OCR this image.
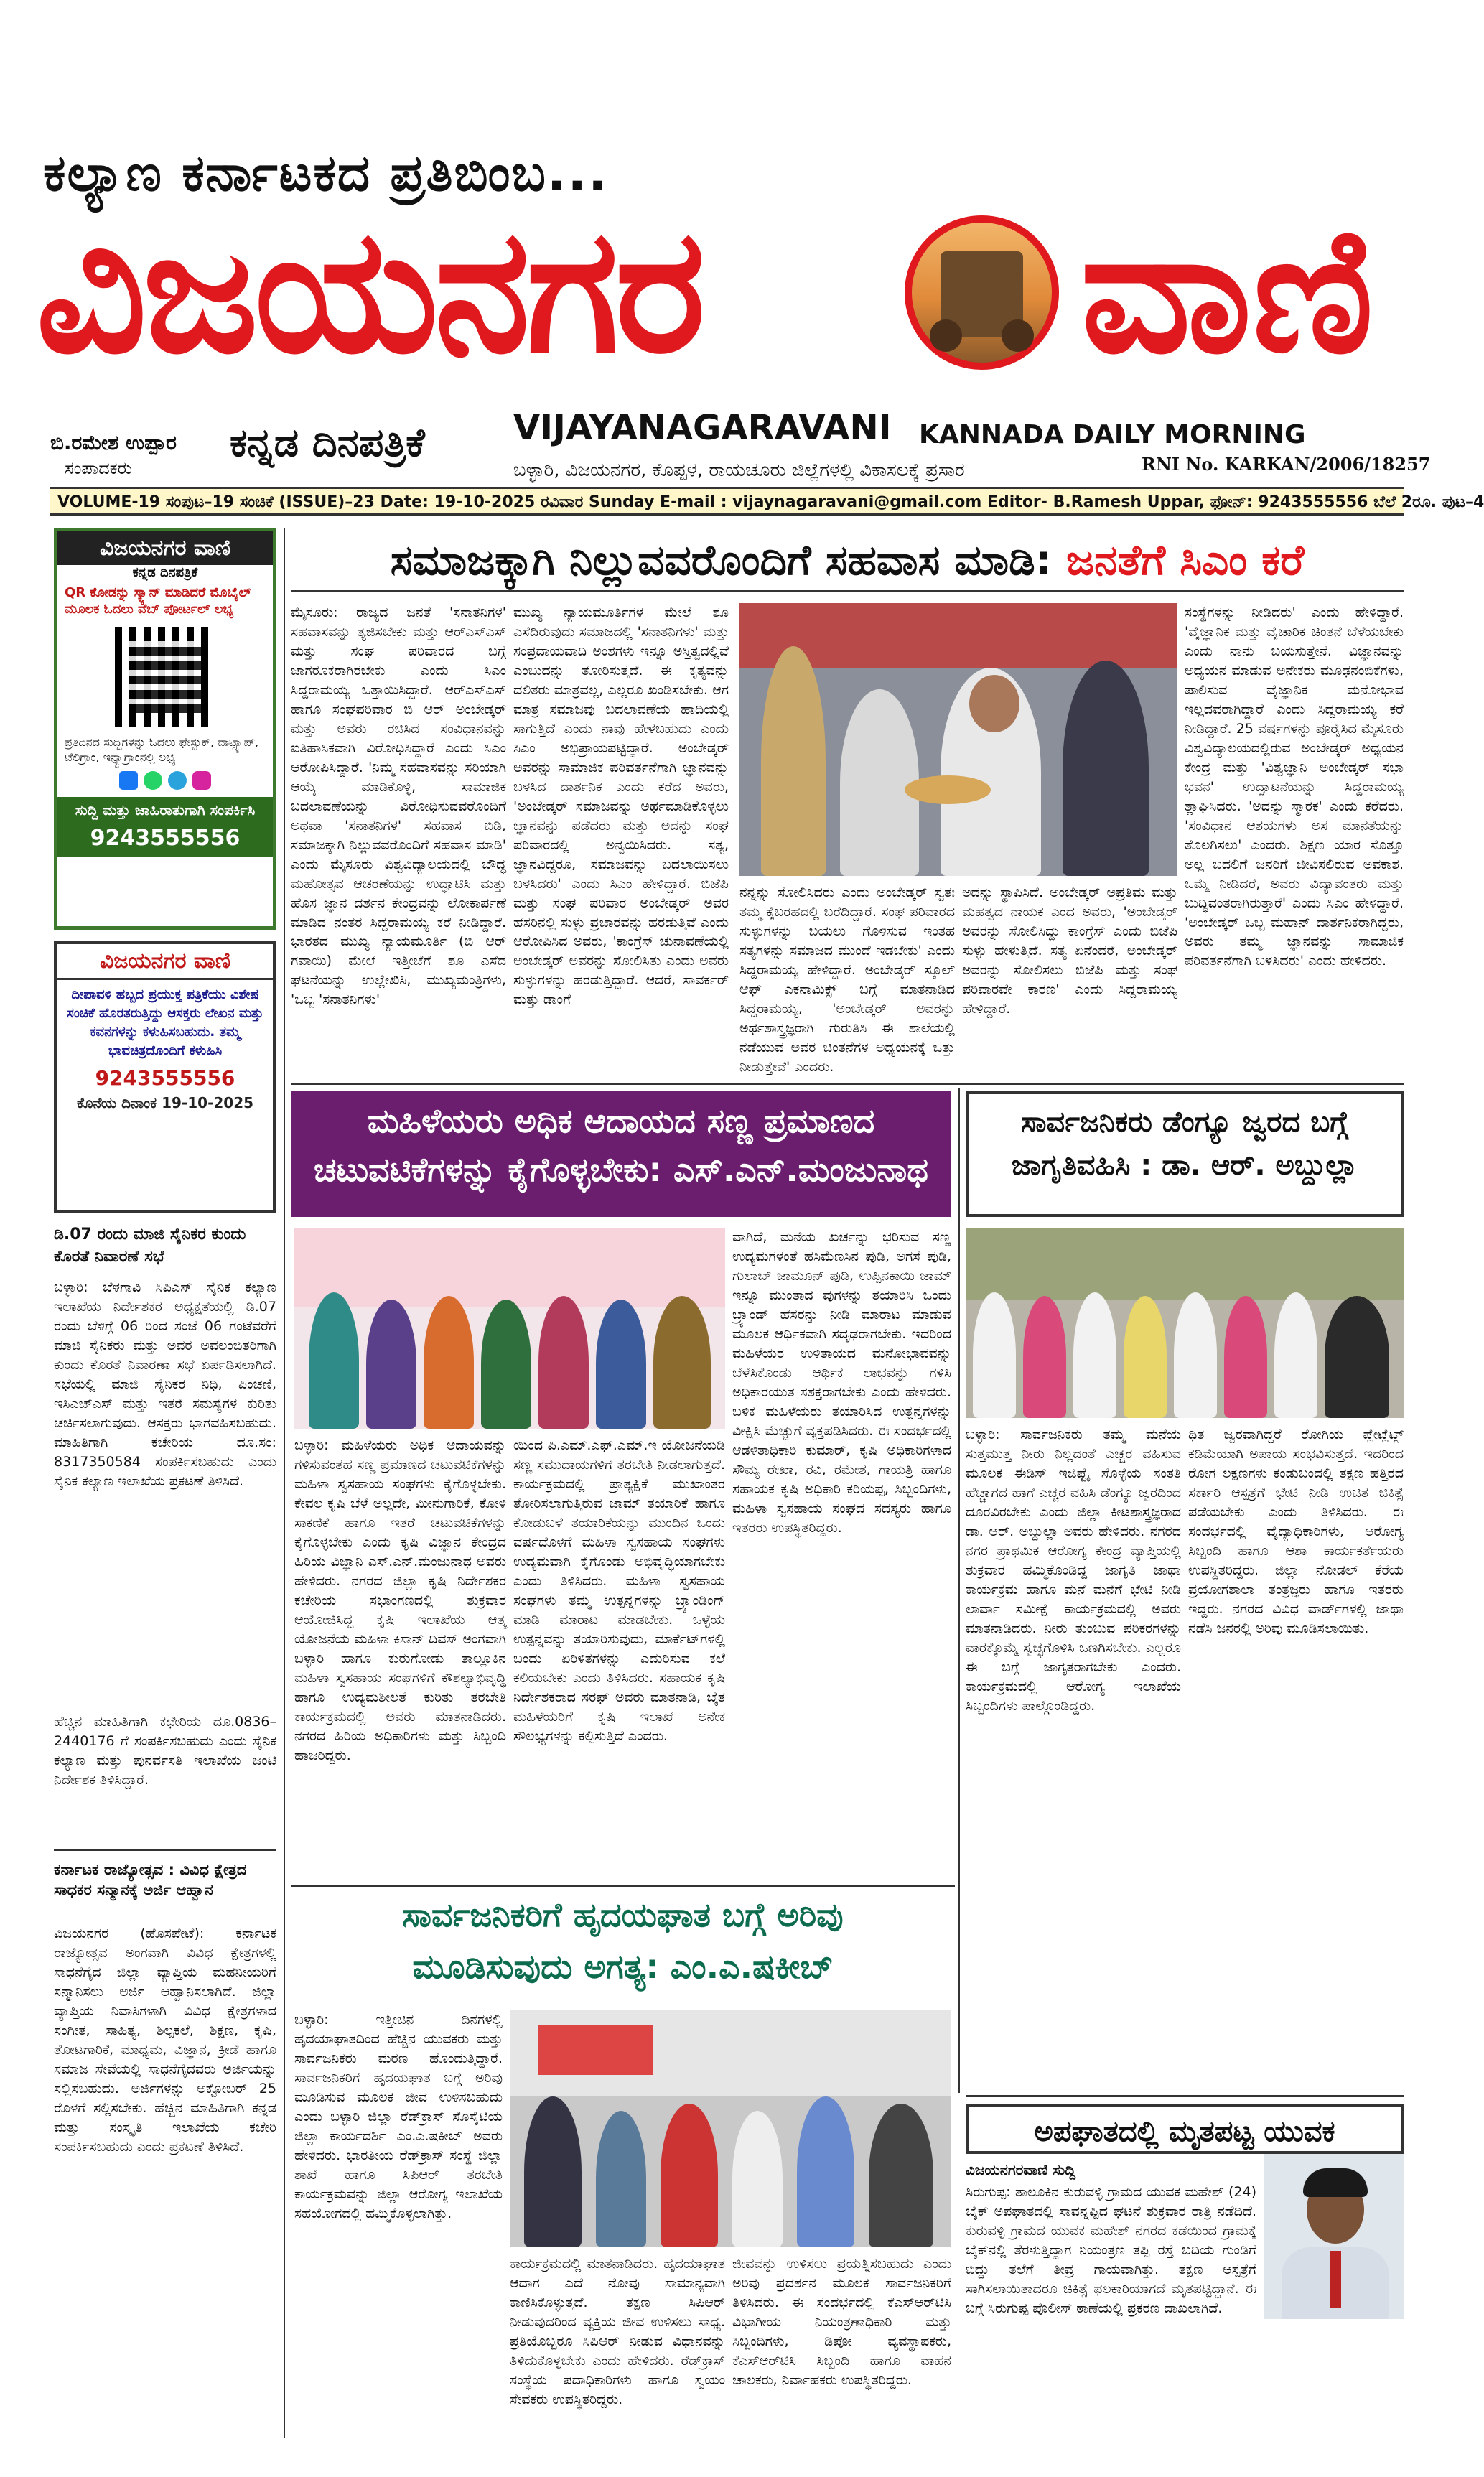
ಕಲ್ಯಾಣ ಕರ್ನಾಟಕದ ಪ್ರತಿಬಿಂಬ...
ವಿಜಯನಗರ ವಾಣಿ
ಬಿ.ರಮೇಶ ಉಪ್ಪಾರ
ಸಂಪಾದಕರು
ಕನ್ನಡ ದಿನಪತ್ರಿಕೆ	VIJAYANAGARAVANI KANNADA DAILY MORNING
ಬಳ್ಳಾರಿ, ವಿಜಯನಗರ, ಕೊಪ್ಪಳ, ರಾಯಚೂರು ಜಿಲ್ಲೆಗಳಲ್ಲಿ ವಿಕಾಸಲಕ್ಕೆ ಪ್ರಸಾರ	RNI No. KARKAN/2006/18257
VOLUME-19 ಸಂಪುಟ–19 ಸಂಚಿಕೆ (ISSUE)–23 Date: 19-10-2025 ರವಿವಾರ Sunday E-mail : vijaynagaravani@gmail.com Editor- B.Ramesh Uppar, ಫೋನ್: 9243555556 ಬೆಲೆ 2ರೂ. ಪುಟ–4
ವಿಜಯನಗರ ವಾಣಿ
ಕನ್ನಡ ದಿನಪತ್ರಿಕೆ
QR ಕೋಡನ್ನು ಸ್ಕ್ಯಾನ್ ಮಾಡಿದರೆ ಮೊಬೈಲ್ ಮೂಲಕ ಓದಲು ವೆಬ್ ಪೋರ್ಟಲ್ ಲಭ್ಯ
ಪ್ರತಿದಿನದ ಸುದ್ದಿಗಳನ್ನು ಓದಲು ಫೇಸ್ಬುಕ್, ವಾಟ್ಸ್ಯಾಪ್, ಟೆಲಿಗ್ರಾಂ, ಇನ್ಸ್ಟಾಗ್ರಾಂನಲ್ಲಿ ಲಭ್ಯ
ಸುದ್ದಿ ಮತ್ತು ಜಾಹಿರಾತುಗಾಗಿ ಸಂಪರ್ಕಿಸಿ
9243555556
ವಿಜಯನಗರ ವಾಣಿ
ದೀಪಾವಳಿ ಹಬ್ಬದ ಪ್ರಯುಕ್ತ ಪತ್ರಿಕೆಯು ವಿಶೇಷ ಸಂಚಿಕೆ ಹೊರತರುತ್ತಿದ್ದು ಆಸಕ್ತರು ಲೇಖನ ಮತ್ತು ಕವನಗಳನ್ನು ಕಳುಹಿಸಬಹುದು. ತಮ್ಮ ಭಾವಚಿತ್ರದೊಂದಿಗೆ ಕಳುಹಿಸಿ
9243555556
ಕೊನೆಯ ದಿನಾಂಕ 19-10-2025
ಡಿ.07 ರಂದು ಮಾಜಿ ಸೈನಿಕರ ಕುಂದು ಕೊರತೆ ನಿವಾರಣೆ ಸಭೆ
ಬಳ್ಳಾರಿ: ಬೆಳಗಾವಿ ಸಿಪಿಎಸ್ ಸೈನಿಕ ಕಲ್ಯಾಣ ಇಲಾಖೆಯ ನಿರ್ದೇಶಕರ ಅಧ್ಯಕ್ಷತೆಯಲ್ಲಿ ಡಿ.07 ರಂದು ಬೆಳಿಗ್ಗೆ 06 ರಿಂದ ಸಂಜೆ 06 ಗಂಟೆವರೆಗೆ ಮಾಜಿ ಸೈನಿಕರು ಮತ್ತು ಅವರ ಅವಲಂಬಿತರಿಗಾಗಿ ಕುಂದು ಕೊರತೆ ನಿವಾರಣಾ ಸಭೆ ಏರ್ಪಡಿಸಲಾಗಿದೆ. ಸಭೆಯಲ್ಲಿ ಮಾಜಿ ಸೈನಿಕರ ನಿಧಿ, ಪಿಂಚಣಿ, ಇಸಿಎಚ್‌ಎಸ್ ಮತ್ತು ಇತರೆ ಸಮಸ್ಯೆಗಳ ಕುರಿತು ಚರ್ಚಿಸಲಾಗುವುದು. ಆಸಕ್ತರು ಭಾಗವಹಿಸಬಹುದು. ಮಾಹಿತಿಗಾಗಿ ಕಚೇರಿಯ ದೂ.ಸಂ: 8317350584 ಸಂಪರ್ಕಿಸಬಹುದು ಎಂದು ಸೈನಿಕ ಕಲ್ಯಾಣ ಇಲಾಖೆಯ ಪ್ರಕಟಣೆ ತಿಳಿಸಿದೆ.
ಹೆಚ್ಚಿನ ಮಾಹಿತಿಗಾಗಿ ಕಛೇರಿಯ ದೂ.0836–2440176 ಗೆ ಸಂಪರ್ಕಿಸಬಹುದು ಎಂದು ಸೈನಿಕ ಕಲ್ಯಾಣ ಮತ್ತು ಪುನರ್ವಸತಿ ಇಲಾಖೆಯ ಜಂಟಿ ನಿರ್ದೇಶಕ ತಿಳಿಸಿದ್ದಾರೆ.
ಕರ್ನಾಟಕ ರಾಜ್ಯೋತ್ಸವ : ವಿವಿಧ ಕ್ಷೇತ್ರದ ಸಾಧಕರ ಸನ್ಮಾನಕ್ಕೆ ಅರ್ಜಿ ಆಹ್ವಾನ
ವಿಜಯನಗರ (ಹೊಸಪೇಟೆ): ಕರ್ನಾಟಕ ರಾಜ್ಯೋತ್ಸವ ಅಂಗವಾಗಿ ವಿವಿಧ ಕ್ಷೇತ್ರಗಳಲ್ಲಿ ಸಾಧನೆಗೈದ ಜಿಲ್ಲಾ ವ್ಯಾಪ್ತಿಯ ಮಹನೀಯರಿಗೆ ಸನ್ಮಾನಿಸಲು ಅರ್ಜಿ ಆಹ್ವಾನಿಸಲಾಗಿದೆ. ಜಿಲ್ಲಾ ವ್ಯಾಪ್ತಿಯ ನಿವಾಸಿಗಳಾಗಿ ವಿವಿಧ ಕ್ಷೇತ್ರಗಳಾದ ಸಂಗೀತ, ಸಾಹಿತ್ಯ, ಶಿಲ್ಪಕಲೆ, ಶಿಕ್ಷಣ, ಕೃಷಿ, ತೋಟಗಾರಿಕೆ, ಮಾಧ್ಯಮ, ವಿಜ್ಞಾನ, ಕ್ರೀಡೆ ಹಾಗೂ ಸಮಾಜ ಸೇವೆಯಲ್ಲಿ ಸಾಧನೆಗೈದವರು ಅರ್ಜಿಯನ್ನು ಸಲ್ಲಿಸಬಹುದು. ಅರ್ಜಿಗಳನ್ನು ಅಕ್ಟೋಬರ್ 25 ರೊಳಗೆ ಸಲ್ಲಿಸಬೇಕು. ಹೆಚ್ಚಿನ ಮಾಹಿತಿಗಾಗಿ ಕನ್ನಡ ಮತ್ತು ಸಂಸ್ಕೃತಿ ಇಲಾಖೆಯ ಕಚೇರಿ ಸಂಪರ್ಕಿಸಬಹುದು ಎಂದು ಪ್ರಕಟಣೆ ತಿಳಿಸಿದೆ.
ಸಮಾಜಕ್ಕಾಗಿ ನಿಲ್ಲುವವರೊಂದಿಗೆ ಸಹವಾಸ ಮಾಡಿ: ಜನತೆಗೆ ಸಿಎಂ ಕರೆ
ಮೈಸೂರು: ರಾಜ್ಯದ ಜನತೆ 'ಸನಾತನಿಗಳ' ಸಹವಾಸವನ್ನು ತ್ಯಜಿಸಬೇಕು ಮತ್ತು ಆರ್‌ಎಸ್‌ಎಸ್ ಮತ್ತು ಸಂಘ ಪರಿವಾರದ ಬಗ್ಗೆ ಜಾಗರೂಕರಾಗಿರಬೇಕು ಎಂದು ಸಿಎಂ ಸಿದ್ದರಾಮಯ್ಯ ಒತ್ತಾಯಿಸಿದ್ದಾರೆ. ಆರ್‌ಎಸ್‌ಎಸ್ ಹಾಗೂ ಸಂಘಪರಿವಾರ ಬಿ ಆರ್ ಅಂಬೇಡ್ಕರ್ ಮತ್ತು ಅವರು ರಚಿಸಿದ ಸಂವಿಧಾನವನ್ನು ಐತಿಹಾಸಿಕವಾಗಿ ವಿರೋಧಿಸಿದ್ದಾರೆ ಎಂದು ಸಿಎಂ ಆರೋಪಿಸಿದ್ದಾರೆ. 'ನಿಮ್ಮ ಸಹವಾಸವನ್ನು ಸರಿಯಾಗಿ ಆಯ್ಕೆ ಮಾಡಿಕೊಳ್ಳಿ, ಸಾಮಾಜಿಕ ಬದಲಾವಣೆಯನ್ನು ವಿರೋಧಿಸುವವರೊಂದಿಗೆ ಅಥವಾ 'ಸನಾತನಿಗಳ' ಸಹವಾಸ ಬಿಡಿ, ಸಮಾಜಕ್ಕಾಗಿ ನಿಲ್ಲುವವರೊಂದಿಗೆ ಸಹವಾಸ ಮಾಡಿ' ಎಂದು ಮೈಸೂರು ವಿಶ್ವವಿದ್ಯಾಲಯದಲ್ಲಿ ಬೌದ್ಧ ಮಹೋತ್ಸವ ಆಚರಣೆಯನ್ನು ಉದ್ಘಾಟಿಸಿ ಮತ್ತು ಹೊಸ ಜ್ಞಾನ ದರ್ಶನ ಕೇಂದ್ರವನ್ನು ಲೋಕಾರ್ಪಣೆ ಮಾಡಿದ ನಂತರ ಸಿದ್ದರಾಮಯ್ಯ ಕರೆ ನೀಡಿದ್ದಾರೆ. ಭಾರತದ ಮುಖ್ಯ ನ್ಯಾಯಮೂರ್ತಿ (ಬಿ ಆರ್ ಗವಾಯಿ) ಮೇಲೆ ಇತ್ತೀಚೆಗೆ ಶೂ ಎಸೆದ ಘಟನೆಯನ್ನು ಉಲ್ಲೇಖಿಸಿ, ಮುಖ್ಯಮಂತ್ರಿಗಳು, 'ಒಬ್ಬ 'ಸನಾತನಿಗಳು'
ಮುಖ್ಯ ನ್ಯಾಯಮೂರ್ತಿಗಳ ಮೇಲೆ ಶೂ ಎಸೆದಿರುವುದು ಸಮಾಜದಲ್ಲಿ 'ಸನಾತನಿಗಳು' ಮತ್ತು ಸಂಪ್ರದಾಯವಾದಿ ಅಂಶಗಳು ಇನ್ನೂ ಅಸ್ತಿತ್ವದಲ್ಲಿವೆ ಎಂಬುದನ್ನು ತೋರಿಸುತ್ತದೆ. ಈ ಕೃತ್ಯವನ್ನು ದಲಿತರು ಮಾತ್ರವಲ್ಲ, ಎಲ್ಲರೂ ಖಂಡಿಸಬೇಕು. ಆಗ ಮಾತ್ರ ಸಮಾಜವು ಬದಲಾವಣೆಯ ಹಾದಿಯಲ್ಲಿ ಸಾಗುತ್ತಿದೆ ಎಂದು ನಾವು ಹೇಳಬಹುದು ಎಂದು ಸಿಎಂ ಅಭಿಪ್ರಾಯಪಟ್ಟಿದ್ದಾರೆ. ಅಂಬೇಡ್ಕರ್ ಅವರನ್ನು ಸಾಮಾಜಿಕ ಪರಿವರ್ತನೆಗಾಗಿ ಜ್ಞಾನವನ್ನು ಬಳಸಿದ ದಾರ್ಶನಿಕ ಎಂದು ಕರೆದ ಅವರು, 'ಅಂಬೇಡ್ಕರ್ ಸಮಾಜವನ್ನು ಅರ್ಥಮಾಡಿಕೊಳ್ಳಲು ಜ್ಞಾನವನ್ನು ಪಡೆದರು ಮತ್ತು ಅದನ್ನು ಸಂಘ ಪರಿವಾರದಲ್ಲಿ ಅನ್ವಯಿಸಿದರು. ಸತ್ಯ, ಜ್ಞಾನವಿದ್ದರೂ, ಸಮಾಜವನ್ನು ಬದಲಾಯಿಸಲು ಬಳಸಿದರು' ಎಂದು ಸಿಎಂ ಹೇಳಿದ್ದಾರೆ. ಬಿಜೆಪಿ ಮತ್ತು ಸಂಘ ಪರಿವಾರ ಅಂಬೇಡ್ಕರ್ ಅವರ ಹೆಸರಿನಲ್ಲಿ ಸುಳ್ಳು ಪ್ರಚಾರವನ್ನು ಹರಡುತ್ತಿವೆ ಎಂದು ಆರೋಪಿಸಿದ ಅವರು, 'ಕಾಂಗ್ರೆಸ್ ಚುನಾವಣೆಯಲ್ಲಿ ಅಂಬೇಡ್ಕರ್ ಅವರನ್ನು ಸೋಲಿಸಿತು ಎಂದು ಅವರು ಸುಳ್ಳುಗಳನ್ನು ಹರಡುತ್ತಿದ್ದಾರೆ. ಆದರೆ, ಸಾವರ್ಕರ್ ಮತ್ತು ಡಾಂಗೆ
ನನ್ನನ್ನು ಸೋಲಿಸಿದರು ಎಂದು ಅಂಬೇಡ್ಕರ್ ಸ್ವತಃ ತಮ್ಮ ಕೈಬರಹದಲ್ಲಿ ಬರೆದಿದ್ದಾರೆ. ಸಂಘ ಪರಿವಾರದ ಸುಳ್ಳುಗಳನ್ನು ಬಯಲು ಗೊಳಿಸುವ ಇಂತಹ ಸತ್ಯಗಳನ್ನು ಸಮಾಜದ ಮುಂದೆ ಇಡಬೇಕು' ಎಂದು ಸಿದ್ದರಾಮಯ್ಯ ಹೇಳಿದ್ದಾರೆ. ಅಂಬೇಡ್ಕರ್ ಸ್ಕೂಲ್ ಆಫ್ ಎಕನಾಮಿಕ್ಸ್ ಬಗ್ಗೆ ಮಾತನಾಡಿದ ಸಿದ್ದರಾಮಯ್ಯ, 'ಅಂಬೇಡ್ಕರ್ ಅವರನ್ನು ಅರ್ಥಶಾಸ್ತ್ರಜ್ಞರಾಗಿ ಗುರುತಿಸಿ ಈ ಶಾಲೆಯಲ್ಲಿ ನಡೆಯುವ ಅವರ ಚಿಂತನೆಗಳ ಅಧ್ಯಯನಕ್ಕೆ ಒತ್ತು ನೀಡುತ್ತೇವೆ' ಎಂದರು.
ಅದನ್ನು ಸ್ಥಾಪಿಸಿದೆ. ಅಂಬೇಡ್ಕರ್ ಅಪ್ರತಿಮ ಮತ್ತು ಮಹತ್ವದ ನಾಯಕ ಎಂದ ಅವರು, 'ಅಂಬೇಡ್ಕರ್ ಅವರನ್ನು ಸೋಲಿಸಿದ್ದು ಕಾಂಗ್ರೆಸ್ ಎಂದು ಬಿಜೆಪಿ ಸುಳ್ಳು ಹೇಳುತ್ತಿದೆ. ಸತ್ಯ ಏನೆಂದರೆ, ಅಂಬೇಡ್ಕರ್ ಅವರನ್ನು ಸೋಲಿಸಲು ಬಿಜೆಪಿ ಮತ್ತು ಸಂಘ ಪರಿವಾರವೇ ಕಾರಣ' ಎಂದು ಸಿದ್ದರಾಮಯ್ಯ ಹೇಳಿದ್ದಾರೆ.
ಸಂಸ್ಥೆಗಳನ್ನು ನೀಡಿದರು' ಎಂದು ಹೇಳಿದ್ದಾರೆ. 'ವೈಜ್ಞಾನಿಕ ಮತ್ತು ವೈಚಾರಿಕ ಚಿಂತನೆ ಬೆಳೆಯಬೇಕು ಎಂದು ನಾನು ಬಯಸುತ್ತೇನೆ. ವಿಜ್ಞಾನವನ್ನು ಅಧ್ಯಯನ ಮಾಡುವ ಅನೇಕರು ಮೂಢನಂಬಿಕೆಗಳು, ಪಾಲಿಸುವ ವೈಜ್ಞಾನಿಕ ಮನೋಭಾವ ಇಲ್ಲದವರಾಗಿದ್ದಾರೆ ಎಂದು ಸಿದ್ದರಾಮಯ್ಯ ಕರೆ ನೀಡಿದ್ದಾರೆ. 25 ವರ್ಷಗಳನ್ನು ಪೂರೈಸಿದ ಮೈಸೂರು ವಿಶ್ವವಿದ್ಯಾಲಯದಲ್ಲಿರುವ ಅಂಬೇಡ್ಕರ್ ಅಧ್ಯಯನ ಕೇಂದ್ರ ಮತ್ತು 'ವಿಶ್ವಜ್ಞಾನಿ ಅಂಬೇಡ್ಕರ್ ಸಭಾ ಭವನ' ಉದ್ಘಾಟನೆಯನ್ನು ಸಿದ್ದರಾಮಯ್ಯ ಶ್ಲಾಘಿಸಿದರು. 'ಅದನ್ನು ಸ್ಮಾರಕ' ಎಂದು ಕರೆದರು. 'ಸಂವಿಧಾನ ಆಶಯಗಳು ಅಸ ಮಾನತೆಯನ್ನು ತೊಲಗಿಸಲು' ಎಂದರು. ಶಿಕ್ಷಣ ಯಾರ ಸೊತ್ತೂ ಅಲ್ಲ ಬದಲಿಗೆ ಜನರಿಗೆ ಜೀವಿಸಲಿರುವ ಅವಕಾಶ. ಒಮ್ಮೆ ನೀಡಿದರೆ, ಅವರು ವಿದ್ಯಾವಂತರು ಮತ್ತು ಬುದ್ಧಿವಂತರಾಗಿರುತ್ತಾರೆ' ಎಂದು ಸಿಎಂ ಹೇಳಿದ್ದಾರೆ. 'ಅಂಬೇಡ್ಕರ್ ಒಬ್ಬ ಮಹಾನ್ ದಾರ್ಶನಿಕರಾಗಿದ್ದರು, ಅವರು ತಮ್ಮ ಜ್ಞಾನವನ್ನು ಸಾಮಾಜಿಕ ಪರಿವರ್ತನೆಗಾಗಿ ಬಳಸಿದರು' ಎಂದು ಹೇಳಿದರು.
ಮಹಿಳೆಯರು ಅಧಿಕ ಆದಾಯದ ಸಣ್ಣ ಪ್ರಮಾಣದ
ಚಟುವಟಿಕೆಗಳನ್ನು ಕೈಗೊಳ್ಳಬೇಕು: ಎಸ್.ಎನ್.ಮಂಜುನಾಥ
ವಾಗಿದೆ, ಮನೆಯ ಖರ್ಚನ್ನು ಭರಿಸುವ ಸಣ್ಣ ಉದ್ಯಮಗಳಂತೆ ಹಸಿಮೆಣಸಿನ ಪುಡಿ, ಅಗಸೆ ಪುಡಿ, ಗುಲಾಬ್ ಜಾಮೂನ್ ಪುಡಿ, ಉಪ್ಪಿನಕಾಯಿ ಜಾಮ್ ಇನ್ನೂ ಮುಂತಾದ ವುಗಳನ್ನು ತಯಾರಿಸಿ ಒಂದು ಬ್ರ್ಯಾಂಡ್ ಹೆಸರನ್ನು ನೀಡಿ ಮಾರಾಟ ಮಾಡುವ ಮೂಲಕ ಆರ್ಥಿಕವಾಗಿ ಸದೃಢರಾಗಬೇಕು. ಇದರಿಂದ ಮಹಿಳೆಯರ ಉಳಿತಾಯದ ಮನೋಭಾವವನ್ನು ಬೆಳೆಸಿಕೊಂಡು ಆರ್ಥಿಕ ಲಾಭವನ್ನು ಗಳಿಸಿ ಅಧಿಕಾರಯುತ ಸಶಕ್ತರಾಗಬೇಕು ಎಂದು ಹೇಳಿದರು. ಬಳಿಕ ಮಹಿಳೆಯರು ತಯಾರಿಸಿದ ಉತ್ಪನ್ನಗಳನ್ನು ವೀಕ್ಷಿಸಿ ಮೆಚ್ಚುಗೆ ವ್ಯಕ್ತಪಡಿಸಿದರು. ಈ ಸಂದರ್ಭದಲ್ಲಿ ಆಡಳಿತಾಧಿಕಾರಿ ಕುಮಾರ್, ಕೃಷಿ ಅಧಿಕಾರಿಗಳಾದ ಸೌಮ್ಯ ರೇಖಾ, ರವಿ, ರಮೇಶ, ಗಾಯತ್ರಿ ಹಾಗೂ ಸಹಾಯಕ ಕೃಷಿ ಅಧಿಕಾರಿ ಕರಿಯಪ್ಪ, ಸಿಬ್ಬಂದಿಗಳು, ಮಹಿಳಾ ಸ್ವಸಹಾಯ ಸಂಘದ ಸದಸ್ಯರು ಹಾಗೂ ಇತರರು ಉಪಸ್ಥಿತರಿದ್ದರು.
ಬಳ್ಳಾರಿ: ಮಹಿಳೆಯರು ಅಧಿಕ ಆದಾಯವನ್ನು ಗಳಿಸುವಂತಹ ಸಣ್ಣ ಪ್ರಮಾಣದ ಚಟುವಟಿಕೆಗಳನ್ನು ಮಹಿಳಾ ಸ್ವಸಹಾಯ ಸಂಘಗಳು ಕೈಗೊಳ್ಳಬೇಕು. ಕೇವಲ ಕೃಷಿ ಬೆಳೆ ಅಲ್ಲದೇ, ಮೀನುಗಾರಿಕೆ, ಕೋಳಿ ಸಾಕಣಿಕೆ ಹಾಗೂ ಇತರೆ ಚಟುವಟಿಕೆಗಳನ್ನು ಕೈಗೊಳ್ಳಬೇಕು ಎಂದು ಕೃಷಿ ವಿಜ್ಞಾನ ಕೇಂದ್ರದ ಹಿರಿಯ ವಿಜ್ಞಾನಿ ಎಸ್.ಎನ್.ಮಂಜುನಾಥ ಅವರು ಹೇಳಿದರು. ನಗರದ ಜಿಲ್ಲಾ ಕೃಷಿ ನಿರ್ದೇಶಕರ ಕಚೇರಿಯ ಸಭಾಂಗಣದಲ್ಲಿ ಶುಕ್ರವಾರ ಆಯೋಜಿಸಿದ್ದ ಕೃಷಿ ಇಲಾಖೆಯ ಆತ್ಮ ಯೋಜನೆಯ ಮಹಿಳಾ ಕಿಸಾನ್ ದಿವಸ್ ಅಂಗವಾಗಿ ಬಳ್ಳಾರಿ ಹಾಗೂ ಕುರುಗೋಡು ತಾಲ್ಲೂಕಿನ ಮಹಿಳಾ ಸ್ವಸಹಾಯ ಸಂಘಗಳಿಗೆ ಕೌಶಲ್ಯಾಭಿವೃದ್ಧಿ ಹಾಗೂ ಉದ್ಯಮಶೀಲತೆ ಕುರಿತು ತರಬೇತಿ ಕಾರ್ಯಕ್ರಮದಲ್ಲಿ ಅವರು ಮಾತನಾಡಿದರು. ನಗರದ ಹಿರಿಯ ಅಧಿಕಾರಿಗಳು ಮತ್ತು ಸಿಬ್ಬಂದಿ ಹಾಜರಿದ್ದರು.
ಯಿಂದ ಪಿ.ಎಮ್.ಎಫ್.ಎಮ್.ಇ ಯೋಜನೆಯಡಿ ಸಣ್ಣ ಸಮುದಾಯಗಳಿಗೆ ತರಬೇತಿ ನೀಡಲಾಗುತ್ತದೆ. ಕಾರ್ಯಕ್ರಮದಲ್ಲಿ ಪ್ರಾತ್ಯಕ್ಷಿಕೆ ಮುಖಾಂತರ ತೋರಿಸಲಾಗುತ್ತಿರುವ ಜಾಮ್ ತಯಾರಿಕೆ ಹಾಗೂ ಕೋಡುಬಳೆ ತಯಾರಿಕೆಯನ್ನು ಮುಂದಿನ ಒಂದು ವರ್ಷದೊಳಗೆ ಮಹಿಳಾ ಸ್ವಸಹಾಯ ಸಂಘಗಳು ಉದ್ಯಮವಾಗಿ ಕೈಗೊಂಡು ಅಭಿವೃದ್ಧಿಯಾಗಬೇಕು ಎಂದು ತಿಳಿಸಿದರು. ಮಹಿಳಾ ಸ್ವಸಹಾಯ ಸಂಘಗಳು ತಮ್ಮ ಉತ್ಪನ್ನಗಳನ್ನು ಬ್ರ್ಯಾಂಡಿಂಗ್ ಮಾಡಿ ಮಾರಾಟ ಮಾಡಬೇಕು. ಒಳ್ಳೆಯ ಉತ್ಪನ್ನವನ್ನು ತಯಾರಿಸುವುದು, ಮಾರ್ಕೆಟ್‌ಗಳಲ್ಲಿ ಬಂದು ಏರಿಳಿತಗಳನ್ನು ಎದುರಿಸುವ ಕಲೆ ಕಲಿಯಬೇಕು ಎಂದು ತಿಳಿಸಿದರು. ಸಹಾಯಕ ಕೃಷಿ ನಿರ್ದೇಶಕರಾದ ಸರಫ್ ಅವರು ಮಾತನಾಡಿ, ಬೈತ ಮಹಿಳೆಯರಿಗೆ ಕೃಷಿ ಇಲಾಖೆ ಅನೇಕ ಸೌಲಭ್ಯಗಳನ್ನು ಕಲ್ಪಿಸುತ್ತಿದೆ ಎಂದರು.
ಸಾರ್ವಜನಿಕರು ಡೆಂಗ್ಯೂ ಜ್ವರದ ಬಗ್ಗೆ
ಜಾಗೃತಿವಹಿಸಿ : ಡಾ. ಆರ್. ಅಬ್ದುಲ್ಲಾ
ಬಳ್ಳಾರಿ: ಸಾರ್ವಜನಿಕರು ತಮ್ಮ ಮನೆಯ ಸುತ್ತಮುತ್ತ ನೀರು ನಿಲ್ಲದಂತೆ ಎಚ್ಚರ ವಹಿಸುವ ಮೂಲಕ ಈಡಿಸ್ ಇಜಿಪ್ಟೈ ಸೊಳ್ಳೆಯ ಸಂತತಿ ಹೆಚ್ಚಾಗದ ಹಾಗೆ ಎಚ್ಚರ ವಹಿಸಿ ಡೆಂಗ್ಯೂ ಜ್ವರದಿಂದ ದೂರವಿರಬೇಕು ಎಂದು ಜಿಲ್ಲಾ ಕೀಟಶಾಸ್ತ್ರಜ್ಞರಾದ ಡಾ. ಆರ್. ಅಬ್ದುಲ್ಲಾ ಅವರು ಹೇಳಿದರು. ನಗರದ ನಗರ ಪ್ರಾಥಮಿಕ ಆರೋಗ್ಯ ಕೇಂದ್ರ ವ್ಯಾಪ್ತಿಯಲ್ಲಿ ಶುಕ್ರವಾರ ಹಮ್ಮಿಕೊಂಡಿದ್ದ ಜಾಗೃತಿ ಜಾಥಾ ಕಾರ್ಯಕ್ರಮ ಹಾಗೂ ಮನೆ ಮನೆಗೆ ಭೇಟಿ ನೀಡಿ ಲಾರ್ವಾ ಸಮೀಕ್ಷೆ ಕಾರ್ಯಕ್ರಮದಲ್ಲಿ ಅವರು ಮಾತನಾಡಿದರು. ನೀರು ತುಂಬುವ ಪರಿಕರಗಳನ್ನು ವಾರಕ್ಕೊಮ್ಮೆ ಸ್ವಚ್ಛಗೊಳಿಸಿ ಒಣಗಿಸಬೇಕು. ಎಲ್ಲರೂ ಈ ಬಗ್ಗೆ ಜಾಗೃತರಾಗಬೇಕು ಎಂದರು. ಕಾರ್ಯಕ್ರಮದಲ್ಲಿ ಆರೋಗ್ಯ ಇಲಾಖೆಯ ಸಿಬ್ಬಂದಿಗಳು ಪಾಲ್ಗೊಂಡಿದ್ದರು.
ಥಿತ ಜ್ವರವಾಗಿದ್ದರೆ ರೋಗಿಯ ಪ್ಲೇಟ್ಲೆಟ್ಸ್ ಕಡಿಮೆಯಾಗಿ ಅಪಾಯ ಸಂಭವಿಸುತ್ತದೆ. ಇದರಿಂದ ರೋಗ ಲಕ್ಷಣಗಳು ಕಂಡುಬಂದಲ್ಲಿ ತಕ್ಷಣ ಹತ್ತಿರದ ಸರ್ಕಾರಿ ಆಸ್ಪತ್ರೆಗೆ ಭೇಟಿ ನೀಡಿ ಉಚಿತ ಚಿಕಿತ್ಸೆ ಪಡೆಯಬೇಕು ಎಂದು ತಿಳಿಸಿದರು. ಈ ಸಂದರ್ಭದಲ್ಲಿ ವೈದ್ಯಾಧಿಕಾರಿಗಳು, ಆರೋಗ್ಯ ಸಿಬ್ಬಂದಿ ಹಾಗೂ ಆಶಾ ಕಾರ್ಯಕರ್ತೆಯರು ಉಪಸ್ಥಿತರಿದ್ದರು. ಜಿಲ್ಲಾ ನೋಡಲ್ ಕೆರೆಯ ಪ್ರಯೋಗಶಾಲಾ ತಂತ್ರಜ್ಞರು ಹಾಗೂ ಇತರರು ಇದ್ದರು. ನಗರದ ವಿವಿಧ ವಾರ್ಡ್‌ಗಳಲ್ಲಿ ಜಾಥಾ ನಡೆಸಿ ಜನರಲ್ಲಿ ಅರಿವು ಮೂಡಿಸಲಾಯಿತು.
ಸಾರ್ವಜನಿಕರಿಗೆ ಹೃದಯಘಾತ ಬಗ್ಗೆ ಅರಿವು
ಮೂಡಿಸುವುದು ಅಗತ್ಯ: ಎಂ.ಎ.ಷಕೀಬ್
ಬಳ್ಳಾರಿ: ಇತ್ತೀಚಿನ ದಿನಗಳಲ್ಲಿ ಹೃದಯಾಘಾತದಿಂದ ಹೆಚ್ಚಿನ ಯುವಕರು ಮತ್ತು ಸಾರ್ವಜನಿಕರು ಮರಣ ಹೊಂದುತ್ತಿದ್ದಾರೆ. ಸಾರ್ವಜನಿಕರಿಗೆ ಹೃದಯಘಾತ ಬಗ್ಗೆ ಅರಿವು ಮೂಡಿಸುವ ಮೂಲಕ ಜೀವ ಉಳಿಸಬಹುದು ಎಂದು ಬಳ್ಳಾರಿ ಜಿಲ್ಲಾ ರೆಡ್‌ಕ್ರಾಸ್ ಸೊಸೈಟಿಯ ಜಿಲ್ಲಾ ಕಾರ್ಯದರ್ಶಿ ಎಂ.ಎ.ಷಕೀಬ್ ಅವರು ಹೇಳಿದರು. ಭಾರತೀಯ ರೆಡ್‌ಕ್ರಾಸ್ ಸಂಸ್ಥೆ ಜಿಲ್ಲಾ ಶಾಖೆ ಹಾಗೂ ಸಿಪಿಆರ್ ತರಬೇತಿ ಕಾರ್ಯಕ್ರಮವನ್ನು ಜಿಲ್ಲಾ ಆರೋಗ್ಯ ಇಲಾಖೆಯ ಸಹಯೋಗದಲ್ಲಿ ಹಮ್ಮಿಕೊಳ್ಳಲಾಗಿತ್ತು.
ಕಾರ್ಯಕ್ರಮದಲ್ಲಿ ಮಾತನಾಡಿದರು. ಹೃದಯಾಘಾತ ಆದಾಗ ಎದೆ ನೋವು ಸಾಮಾನ್ಯವಾಗಿ ಕಾಣಿಸಿಕೊಳ್ಳುತ್ತದೆ. ತಕ್ಷಣ ಸಿಪಿಆರ್ ನೀಡುವುದರಿಂದ ವ್ಯಕ್ತಿಯ ಜೀವ ಉಳಿಸಲು ಸಾಧ್ಯ. ಪ್ರತಿಯೊಬ್ಬರೂ ಸಿಪಿಆರ್ ನೀಡುವ ವಿಧಾನವನ್ನು ತಿಳಿದುಕೊಳ್ಳಬೇಕು ಎಂದು ಹೇಳಿದರು. ರೆಡ್‌ಕ್ರಾಸ್ ಸಂಸ್ಥೆಯ ಪದಾಧಿಕಾರಿಗಳು ಹಾಗೂ ಸ್ವಯಂ ಸೇವಕರು ಉಪಸ್ಥಿತರಿದ್ದರು.
ಜೀವವನ್ನು ಉಳಿಸಲು ಪ್ರಯತ್ನಿಸಬಹುದು ಎಂದು ಅರಿವು ಪ್ರದರ್ಶನ ಮೂಲಕ ಸಾರ್ವಜನಿಕರಿಗೆ ತಿಳಿಸಿದರು. ಈ ಸಂದರ್ಭದಲ್ಲಿ ಕೆಎಸ್‌ಆರ್‌ಟಿಸಿ ವಿಭಾಗೀಯ ನಿಯಂತ್ರಣಾಧಿಕಾರಿ ಮತ್ತು ಸಿಬ್ಬಂದಿಗಳು, ಡಿಪೋ ವ್ಯವಸ್ಥಾಪಕರು, ಕೆಎಸ್‌ಆರ್‌ಟಿಸಿ ಸಿಬ್ಬಂದಿ ಹಾಗೂ ವಾಹನ ಚಾಲಕರು, ನಿರ್ವಾಹಕರು ಉಪಸ್ಥಿತರಿದ್ದರು.
ಅಪಘಾತದಲ್ಲಿ ಮೃತಪಟ್ಟ ಯುವಕ
ವಿಜಯನಗರವಾಣಿ ಸುದ್ದಿ
ಸಿರುಗುಪ್ಪ: ತಾಲೂಕಿನ ಕುರುವಳ್ಳಿ ಗ್ರಾಮದ ಯುವಕ ಮಹೇಶ್ (24) ಬೈಕ್ ಅಪಘಾತದಲ್ಲಿ ಸಾವನ್ನಪ್ಪಿದ ಘಟನೆ ಶುಕ್ರವಾರ ರಾತ್ರಿ ನಡೆದಿದೆ. ಕುರುವಳ್ಳಿ ಗ್ರಾಮದ ಯುವಕ ಮಹೇಶ್ ನಗರದ ಕಡೆಯಿಂದ ಗ್ರಾಮಕ್ಕೆ ಬೈಕ್‌ನಲ್ಲಿ ತೆರಳುತ್ತಿದ್ದಾಗ ನಿಯಂತ್ರಣ ತಪ್ಪಿ ರಸ್ತೆ ಬದಿಯ ಗುಂಡಿಗೆ ಬಿದ್ದು ತಲೆಗೆ ತೀವ್ರ ಗಾಯವಾಗಿತ್ತು. ತಕ್ಷಣ ಆಸ್ಪತ್ರೆಗೆ ಸಾಗಿಸಲಾಯಿತಾದರೂ ಚಿಕಿತ್ಸೆ ಫಲಕಾರಿಯಾಗದೆ ಮೃತಪಟ್ಟಿದ್ದಾನೆ. ಈ ಬಗ್ಗೆ ಸಿರುಗುಪ್ಪ ಪೊಲೀಸ್ ಠಾಣೆಯಲ್ಲಿ ಪ್ರಕರಣ ದಾಖಲಾಗಿದೆ.
